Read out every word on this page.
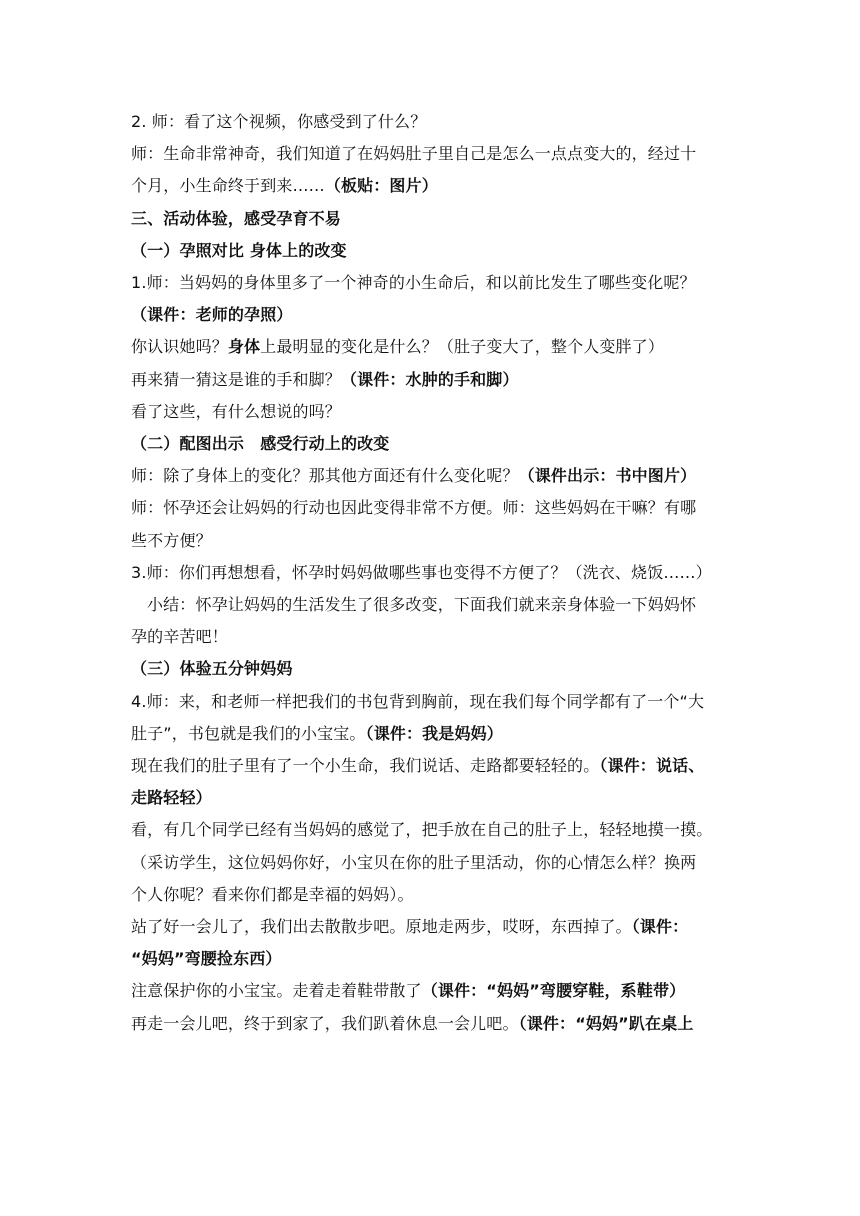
2. 师：看了这个视频，你感受到了什么？
师：生命非常神奇，我们知道了在妈妈肚子里自己是怎么一点点变大的，经过十
个月，小生命终于到来……（板贴：图片）
三、活动体验，感受孕育不易
（一）孕照对比 身体上的改变
1.师：当妈妈的身体里多了一个神奇的小生命后，和以前比发生了哪些变化呢？
（课件：老师的孕照）
你认识她吗？身体上最明显的变化是什么？（肚子变大了，整个人变胖了）
再来猜一猜这是谁的手和脚？（课件：水肿的手和脚）
看了这些，有什么想说的吗？
（二）配图出示　感受行动上的改变
师：除了身体上的变化？那其他方面还有什么变化呢？（课件出示：书中图片）
师：怀孕还会让妈妈的行动也因此变得非常不方便。师：这些妈妈在干嘛？有哪
些不方便？
3.师：你们再想想看，怀孕时妈妈做哪些事也变得不方便了？（洗衣、烧饭……）
小结：怀孕让妈妈的生活发生了很多改变，下面我们就来亲身体验一下妈妈怀
孕的辛苦吧！
（三）体验五分钟妈妈
4.师：来，和老师一样把我们的书包背到胸前，现在我们每个同学都有了一个“大
肚子”，书包就是我们的小宝宝。（课件：我是妈妈）
现在我们的肚子里有了一个小生命，我们说话、走路都要轻轻的。（课件：说话、
走路轻轻）
看，有几个同学已经有当妈妈的感觉了，把手放在自己的肚子上，轻轻地摸一摸。
（采访学生，这位妈妈你好，小宝贝在你的肚子里活动，你的心情怎么样？换两
个人你呢？看来你们都是幸福的妈妈）。
站了好一会儿了，我们出去散散步吧。原地走两步，哎呀，东西掉了。（课件：
“妈妈”弯腰捡东西）
注意保护你的小宝宝。走着走着鞋带散了（课件：“妈妈”弯腰穿鞋，系鞋带）
再走一会儿吧，终于到家了，我们趴着休息一会儿吧。（课件：“妈妈”趴在桌上
